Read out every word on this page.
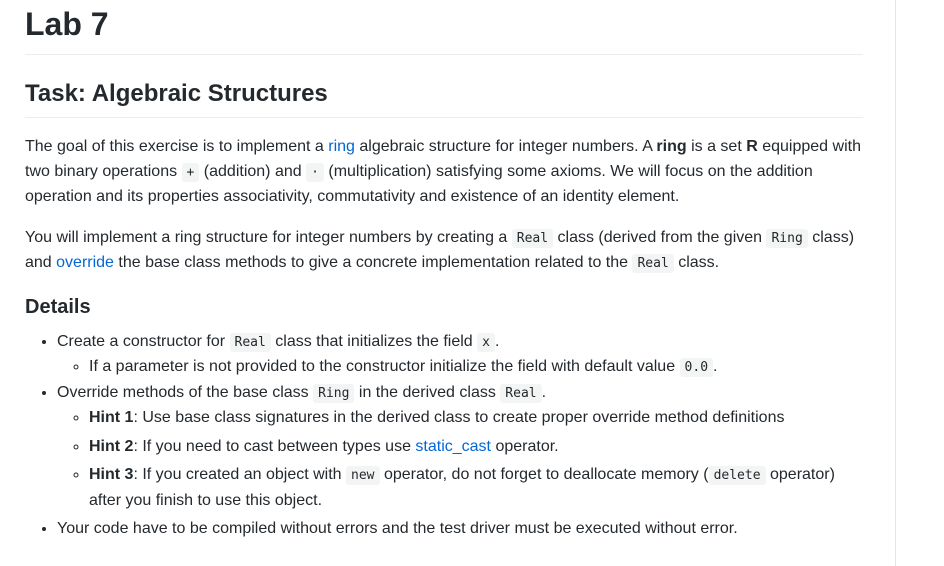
Lab 7
Task: Algebraic Structures

The goal of this exercise is to implement a ring algebraic structure for integer numbers. A ring is a set R equipped with two binary operations + (addition) and · (multiplication) satisfying some axioms. We will focus on the addition operation and its properties associativity, commutativity and existence of an identity element.

You will implement a ring structure for integer numbers by creating a Real class (derived from the given Ring class) and override the base class methods to give a concrete implementation related to the Real class.

Details
• Create a constructor for Real class that initializes the field x .
◦ If a parameter is not provided to the constructor initialize the field with default value 0.0 .
• Override methods of the base class Ring in the derived class Real .
◦ Hint 1: Use base class signatures in the derived class to create proper override method definitions
◦ Hint 2: If you need to cast between types use static_cast operator.
◦ Hint 3: If you created an object with new operator, do not forget to deallocate memory ( delete operator) after you finish to use this object.
• Your code have to be compiled without errors and the test driver must be executed without error.
